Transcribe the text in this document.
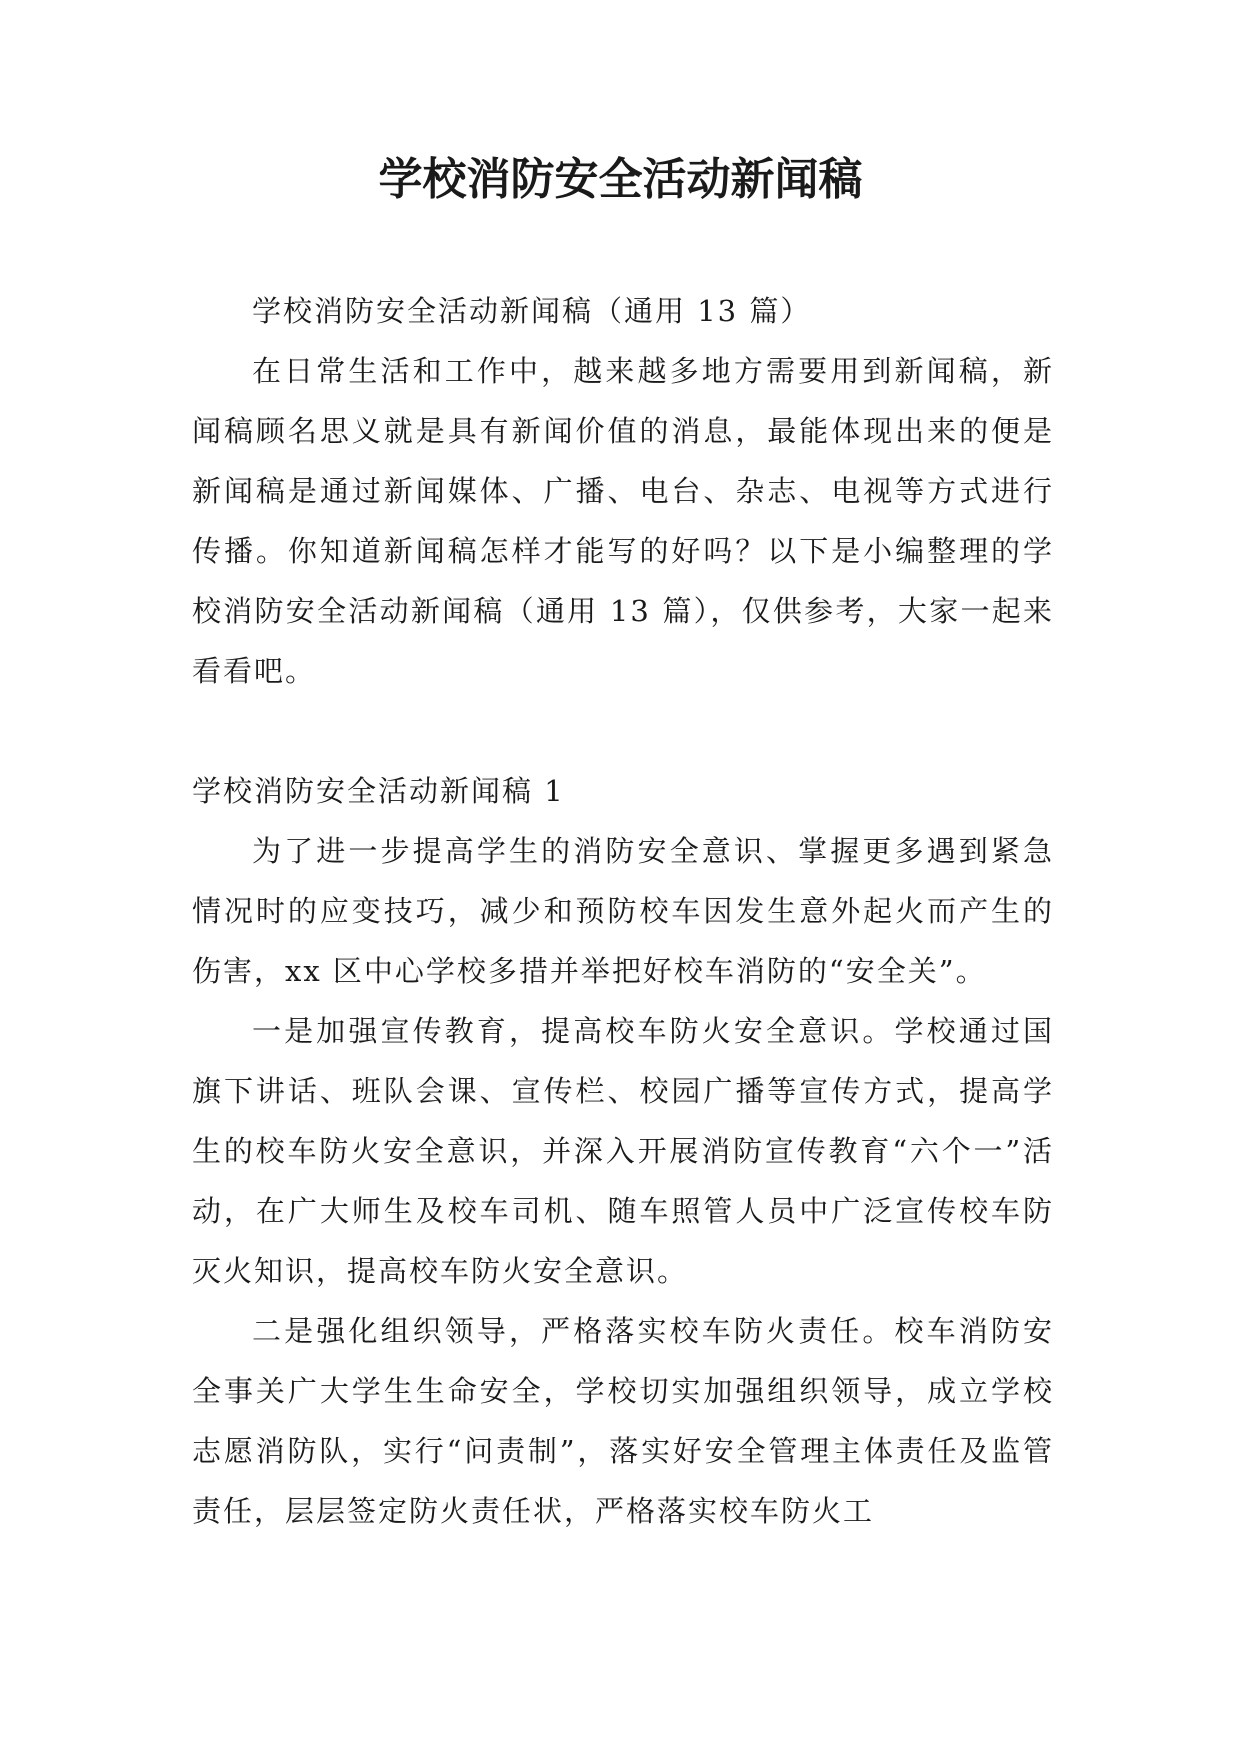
学校消防安全活动新闻稿

学校消防安全活动新闻稿（通用 13 篇）

在日常生活和工作中，越来越多地方需要用到新闻稿，新闻稿顾名思义就是具有新闻价值的消息，最能体现出来的便是新闻稿是通过新闻媒体、广播、电台、杂志、电视等方式进行传播。你知道新闻稿怎样才能写的好吗？以下是小编整理的学校消防安全活动新闻稿（通用 13 篇），仅供参考，大家一起来看看吧。

学校消防安全活动新闻稿 1

为了进一步提高学生的消防安全意识、掌握更多遇到紧急情况时的应变技巧，减少和预防校车因发生意外起火而产生的伤害，xx 区中心学校多措并举把好校车消防的“安全关”。

一是加强宣传教育，提高校车防火安全意识。学校通过国旗下讲话、班队会课、宣传栏、校园广播等宣传方式，提高学生的校车防火安全意识，并深入开展消防宣传教育“六个一”活动，在广大师生及校车司机、随车照管人员中广泛宣传校车防灭火知识，提高校车防火安全意识。

二是强化组织领导，严格落实校车防火责任。校车消防安全事关广大学生生命安全，学校切实加强组织领导，成立学校志愿消防队，实行“问责制”，落实好安全管理主体责任及监管责任，层层签定防火责任状，严格落实校车防火工
